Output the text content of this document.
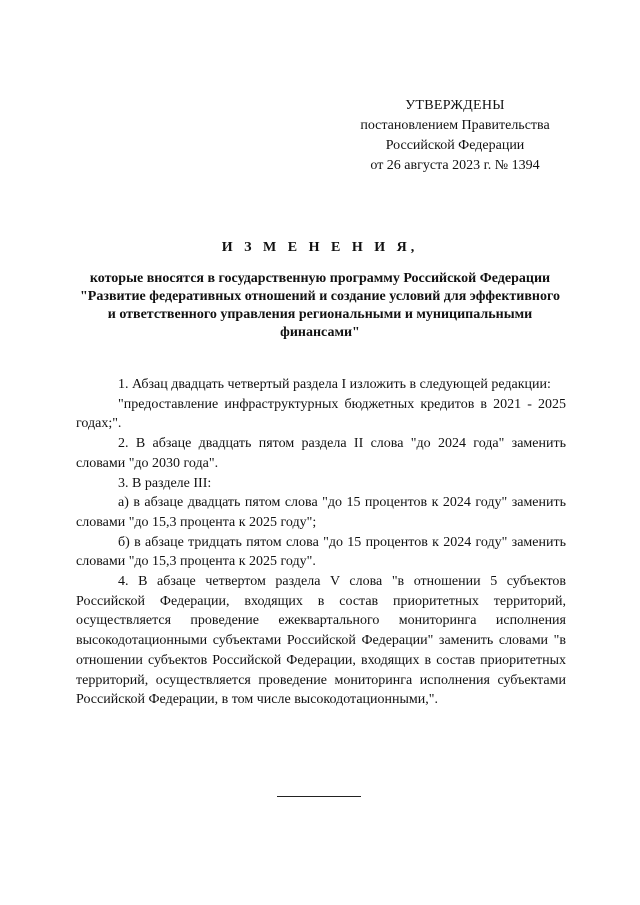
УТВЕРЖДЕНЫ
постановлением Правительства
Российской Федерации
от 26 августа 2023 г. № 1394
И З М Е Н Е Н И Я,
которые вносятся в государственную программу Российской Федерации "Развитие федеративных отношений и создание условий для эффективного и ответственного управления региональными и муниципальными финансами"

1. Абзац двадцать четвертый раздела I изложить в следующей редакции:

"предоставление инфраструктурных бюджетных кредитов в 2021 - 2025 годах;".

2. В абзаце двадцать пятом раздела II слова "до 2024 года" заменить словами "до 2030 года".

3. В разделе III:

а) в абзаце двадцать пятом слова "до 15 процентов к 2024 году" заменить словами "до 15,3 процента к 2025 году";

б) в абзаце тридцать пятом слова "до 15 процентов к 2024 году" заменить словами "до 15,3 процента к 2025 году".

4. В абзаце четвертом раздела V слова "в отношении 5 субъектов Российской Федерации, входящих в состав приоритетных территорий, осуществляется проведение ежеквартального мониторинга исполнения высокодотационными субъектами Российской Федерации" заменить словами "в отношении субъектов Российской Федерации, входящих в состав приоритетных территорий, осуществляется проведение мониторинга исполнения субъектами Российской Федерации, в том числе высокодотационными,".
